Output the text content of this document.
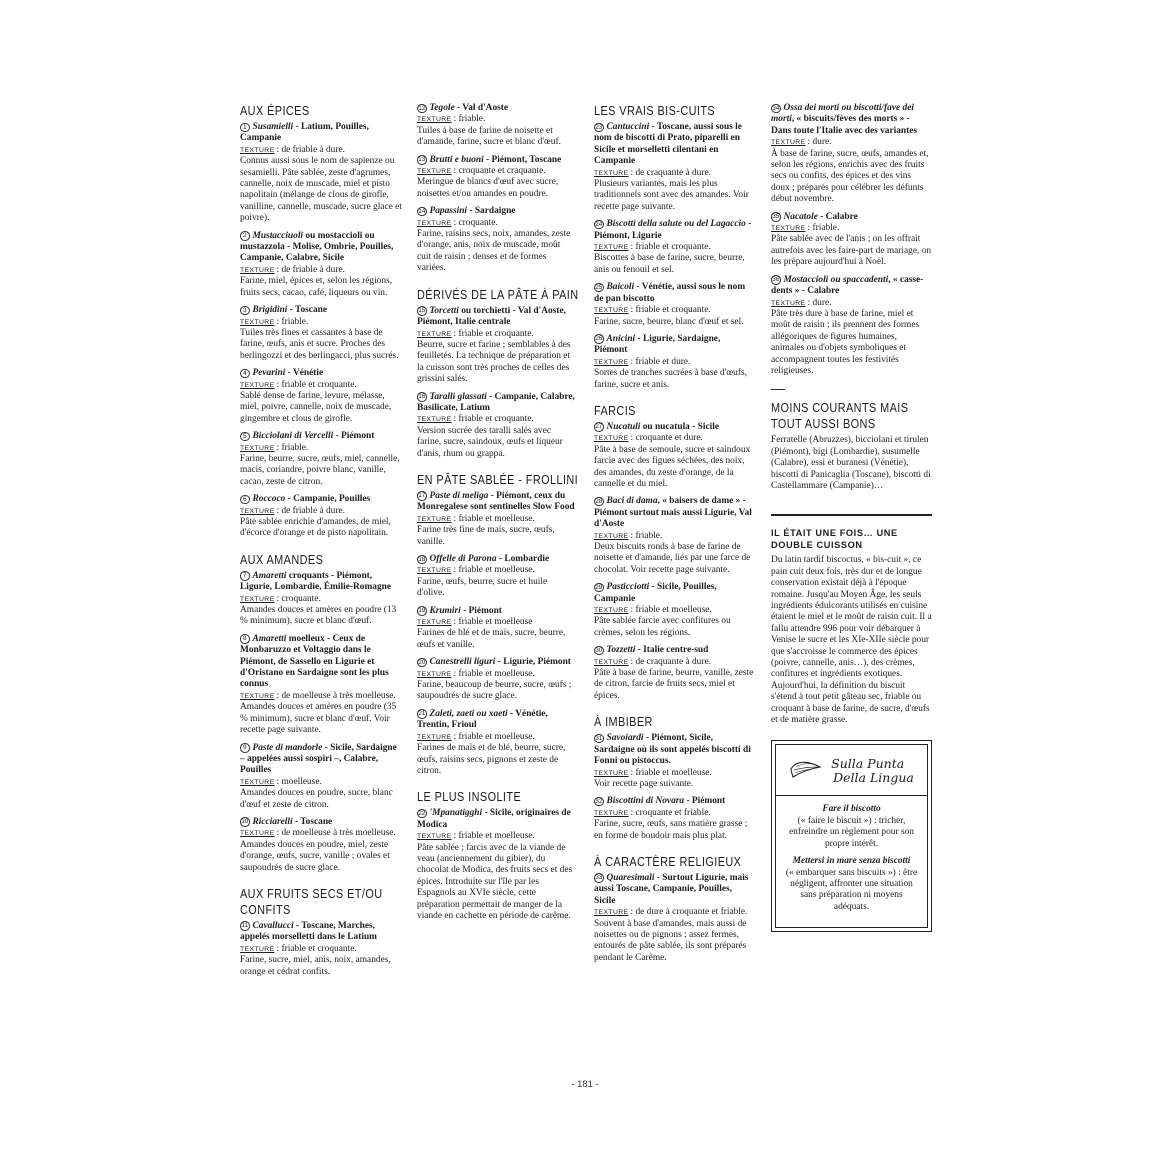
AUX ÉPICES
1 Susamielli - Latium, Pouilles, Campanie
TEXTURE : de friable à dure.
Connus aussi sous le nom de sapienze ou sesamielli. Pâte sablée, zeste d'agrumes, cannelle, noix de muscade, miel et pisto napolitain (mélange de clous de girofle, vanilline, cannelle, muscade, sucre glace et poivre).
2 Mustacciuoli ou mostaccioli ou mustazzola - Molise, Ombrie, Pouilles, Campanie, Calabre, Sicile
TEXTURE : de friable à dure.
Farine, miel, épices et, selon les régions, fruits secs, cacao, café, liqueurs ou vin.
3 Brigidini - Toscane
TEXTURE : friable.
Tuiles très fines et cassantes à base de farine, œufs, anis et sucre. Proches des berlingozzi et des berlingacci, plus sucrés.
4 Pevarini - Vénétie
TEXTURE : friable et croquante.
Sablé dense de farine, levure, mélasse, miel, poivre, cannelle, noix de muscade, gingembre et clous de girofle.
5 Bicciolani di Vercelli - Piémont
TEXTURE : friable.
Farine, beurre, sucre, œufs, miel, cannelle, macis, coriandre, poivre blanc, vanille, cacao, zeste de citron.
6 Roccoco - Campanie, Pouilles
TEXTURE : de friable à dure.
Pâte sablée enrichie d'amandes, de miel, d'écorce d'orange et de pisto napolitain.
AUX AMANDES
7 Amaretti croquants - Piémont, Ligurie, Lombardie, Émilie-Romagne
TEXTURE : croquante.
Amandes douces et amères en poudre (13 % minimum), sucre et blanc d'œuf.
8 Amaretti moelleux - Ceux de Monbaruzzo et Voltaggio dans le Piémont, de Sassello en Ligurie et d'Oristano en Sardaigne sont les plus connus
TEXTURE : de moelleuse à très moelleuse.
Amandes douces et amères en poudre (35 % minimum), sucre et blanc d'œuf. Voir recette page suivante.
9 Paste di mandorle - Sicile, Sardaigne – appelées aussi sospiri –, Calabre, Pouilles
TEXTURE : moelleuse.
Amandes douces en poudre, sucre, blanc d'œuf et zeste de citron.
10 Ricciarelli - Toscane
TEXTURE : de moelleuse à très moelleuse.
Amandes douces en poudre, miel, zeste d'orange, œufs, sucre, vanille ; ovales et saupoudrés de sucre glace.
AUX FRUITS SECS ET/OU CONFITS
11 Cavallucci - Toscane, Marches, appelés morselletti dans le Latium
TEXTURE : friable et croquante.
Farine, sucre, miel, anis, noix, amandes, orange et cédrat confits.
12 Tegole - Val d'Aoste
TEXTURE : friable.
Tuiles à base de farine de noisette et d'amande, farine, sucre et blanc d'œuf.
13 Brutti e buoni - Piémont, Toscane
TEXTURE : croquante et craquante.
Meringue de blancs d'œuf avec sucre, noisettes et/ou amandes en poudre.
14 Papassini - Sardaigne
TEXTURE : croquante.
Farine, raisins secs, noix, amandes, zeste d'orange, anis, noix de muscade, moût cuit de raisin ; denses et de formes variées.
DÉRIVÉS DE LA PÂTE À PAIN
15 Torcetti ou torchietti - Val d'Aoste, Piémont, Italie centrale
TEXTURE : friable et croquante.
Beurre, sucre et farine ; semblables à des feuilletés. La technique de préparation et la cuisson sont très proches de celles des grissini salés.
16 Taralli glassati - Campanie, Calabre, Basilicate, Latium
TEXTURE : friable et croquante.
Version sucrée des taralli salés avec farine, sucre, saindoux, œufs et liqueur d'anis, rhum ou grappa.
EN PÂTE SABLÉE - FROLLINI
17 Paste di meliga - Piémont, ceux du Monregalese sont sentinelles Slow Food
TEXTURE : friable et moelleuse.
Farine très fine de maïs, sucre, œufs, vanille.
18 Offelle di Parona - Lombardie
TEXTURE : friable et moelleuse.
Farine, œufs, beurre, sucre et huile d'olive.
19 Krumiri - Piémont
TEXTURE : friable et moelleuse
Farines de blé et de maïs, sucre, beurre, œufs et vanille.
20 Canestrelli liguri - Ligurie, Piémont
TEXTURE : friable et moelleuse.
Farine, beaucoup de beurre, sucre, œufs ; saupoudrés de sucre glace.
21 Zaleti, zaeti ou xaeti - Vénétie, Trentin, Frioul
TEXTURE : friable et moelleuse.
Farines de maïs et de blé, beurre, sucre, œufs, raisins secs, pignons et zeste de citron.
LE PLUS INSOLITE
22 'Mpanatigghi - Sicile, originaires de Modica
TEXTURE : friable et moelleuse.
Pâte sablée ; farcis avec de la viande de veau (anciennement du gibier), du chocolat de Modica, des fruits secs et des épices. Introduite sur l'île par les Espagnols au XVIe siècle, cette préparation permettait de manger de la viande en cachette en période de carême.
LES VRAIS BIS-CUITS
23 Cantuccini - Toscane, aussi sous le nom de biscotti di Prato, piparelli en Sicile et morselletti cilentani en Campanie
TEXTURE : de craquante à dure.
Plusieurs variantes, mais les plus traditionnels sont avec des amandes. Voir recette page suivante.
24 Biscotti della salute ou del Lagaccio - Piémont, Ligurie
TEXTURE : friable et croquante.
Biscottes à base de farine, sucre, beurre, anis ou fenouil et sel.
25 Baicoli - Vénétie, aussi sous le nom de pan biscotto
TEXTURE : friable et croquante.
Farine, sucre, beurre, blanc d'œuf et sel.
26 Anicini - Ligurie, Sardaigne, Piémont
TEXTURE : friable et dure.
Sortes de tranches sucrées à base d'œufs, farine, sucre et anis.
FARCIS
27 Nucatuli ou nucatula - Sicile
TEXTURE : croquante et dure.
Pâte à base de semoule, sucre et saindoux farcie avec des figues séchées, des noix, des amandes, du zeste d'orange, de la cannelle et du miel.
28 Baci di dama, « baisers de dame » - Piémont surtout mais aussi Ligurie, Val d'Aoste
TEXTURE : friable.
Deux biscuits ronds à base de farine de noisette et d'amande, liés par une farce de chocolat. Voir recette page suivante.
29 Pasticciotti - Sicile, Pouilles, Campanie
TEXTURE : friable et moelleuse.
Pâte sablée farcie avec confitures ou crèmes, selon les régions.
30 Tozzetti - Italie centre-sud
TEXTURE : de craquante à dure.
Pâte à base de farine, beurre, vanille, zeste de citron, farcie de fruits secs, miel et épices.
À IMBIBER
31 Savoiardi - Piémont, Sicile, Sardaigne où ils sont appelés biscotti di Fonni ou pistoccus.
TEXTURE : friable et moelleuse.
Voir recette page suivante.
32 Biscottini di Novara - Piémont
TEXTURE : croquante et friable.
Farine, sucre, œufs, sans matière grasse ; en forme de boudoir mais plus plat.
À CARACTÈRE RELIGIEUX
33 Quaresimali - Surtout Ligurie, mais aussi Toscane, Campanie, Pouilles, Sicile
TEXTURE : de dure à croquante et friable.
Souvent à base d'amandes, mais aussi de noisettes ou de pignons ; assez fermes, entourés de pâte sablée, ils sont préparés pendant le Carême.
34 Ossa dei morti ou biscotti/fave dei morti, « biscuits/fèves des morts » - Dans toute l'Italie avec des variantes
TEXTURE : dure.
À base de farine, sucre, œufs, amandes et, selon les régions, enrichis avec des fruits secs ou confits, des épices et des vins doux ; préparés pour célébrer les défunts début novembre.
35 Nacatole - Calabre
TEXTURE : friable.
Pâte sablée avec de l'anis ; on les offrait autrefois avec les faire-part de mariage, on les prépare aujourd'hui à Noël.
36 Mostaccioli ou spaccadenti, « casse-dents » - Calabre
TEXTURE : dure.
Pâte très dure à base de farine, miel et moût de raisin ; ils prennent des formes allégoriques de figures humaines, animales ou d'objets symboliques et accompagnent toutes les festivités religieuses.
MOINS COURANTS MAIS TOUT AUSSI BONS
Ferratelle (Abruzzes), bicciolani et tirulen (Piémont), bigi (Lombardie), susumelle (Calabre), essi et buranesi (Vénétie), biscotti di Panicaglia (Toscane), biscotti di Castellammare (Campanie)…
IL ÉTAIT UNE FOIS… UNE DOUBLE CUISSON
Du latin tardif biscoctus, « bis-cuit », ce pain cuit deux fois, très dur et de longue conservation existait déjà à l'époque romaine. Jusqu'au Moyen Âge, les seuls ingrédients édulcorants utilisés en cuisine étaient le miel et le moût de raisin cuit. Il a fallu attendre 996 pour voir débarquer à Venise le sucre et les XIe-XIIe siècle pour que s'accroisse le commerce des épices (poivre, cannelle, anis…), des crèmes, confitures et ingrédients exotiques. Aujourd'hui, la définition du biscuit s'étend à tout petit gâteau sec, friable ou croquant à base de farine, de sucre, d'œufs et de matière grasse.
Sulla Punta
Della Lingua
Fare il biscotto
(« faire le biscuit ») : tricher, enfreindre un règlement pour son propre intérêt.
Mettersi in mare senza biscotti
(« embarquer sans biscuits ») : être négligent, affronter une situation sans préparation ni moyens adéquats.
- 181 -
